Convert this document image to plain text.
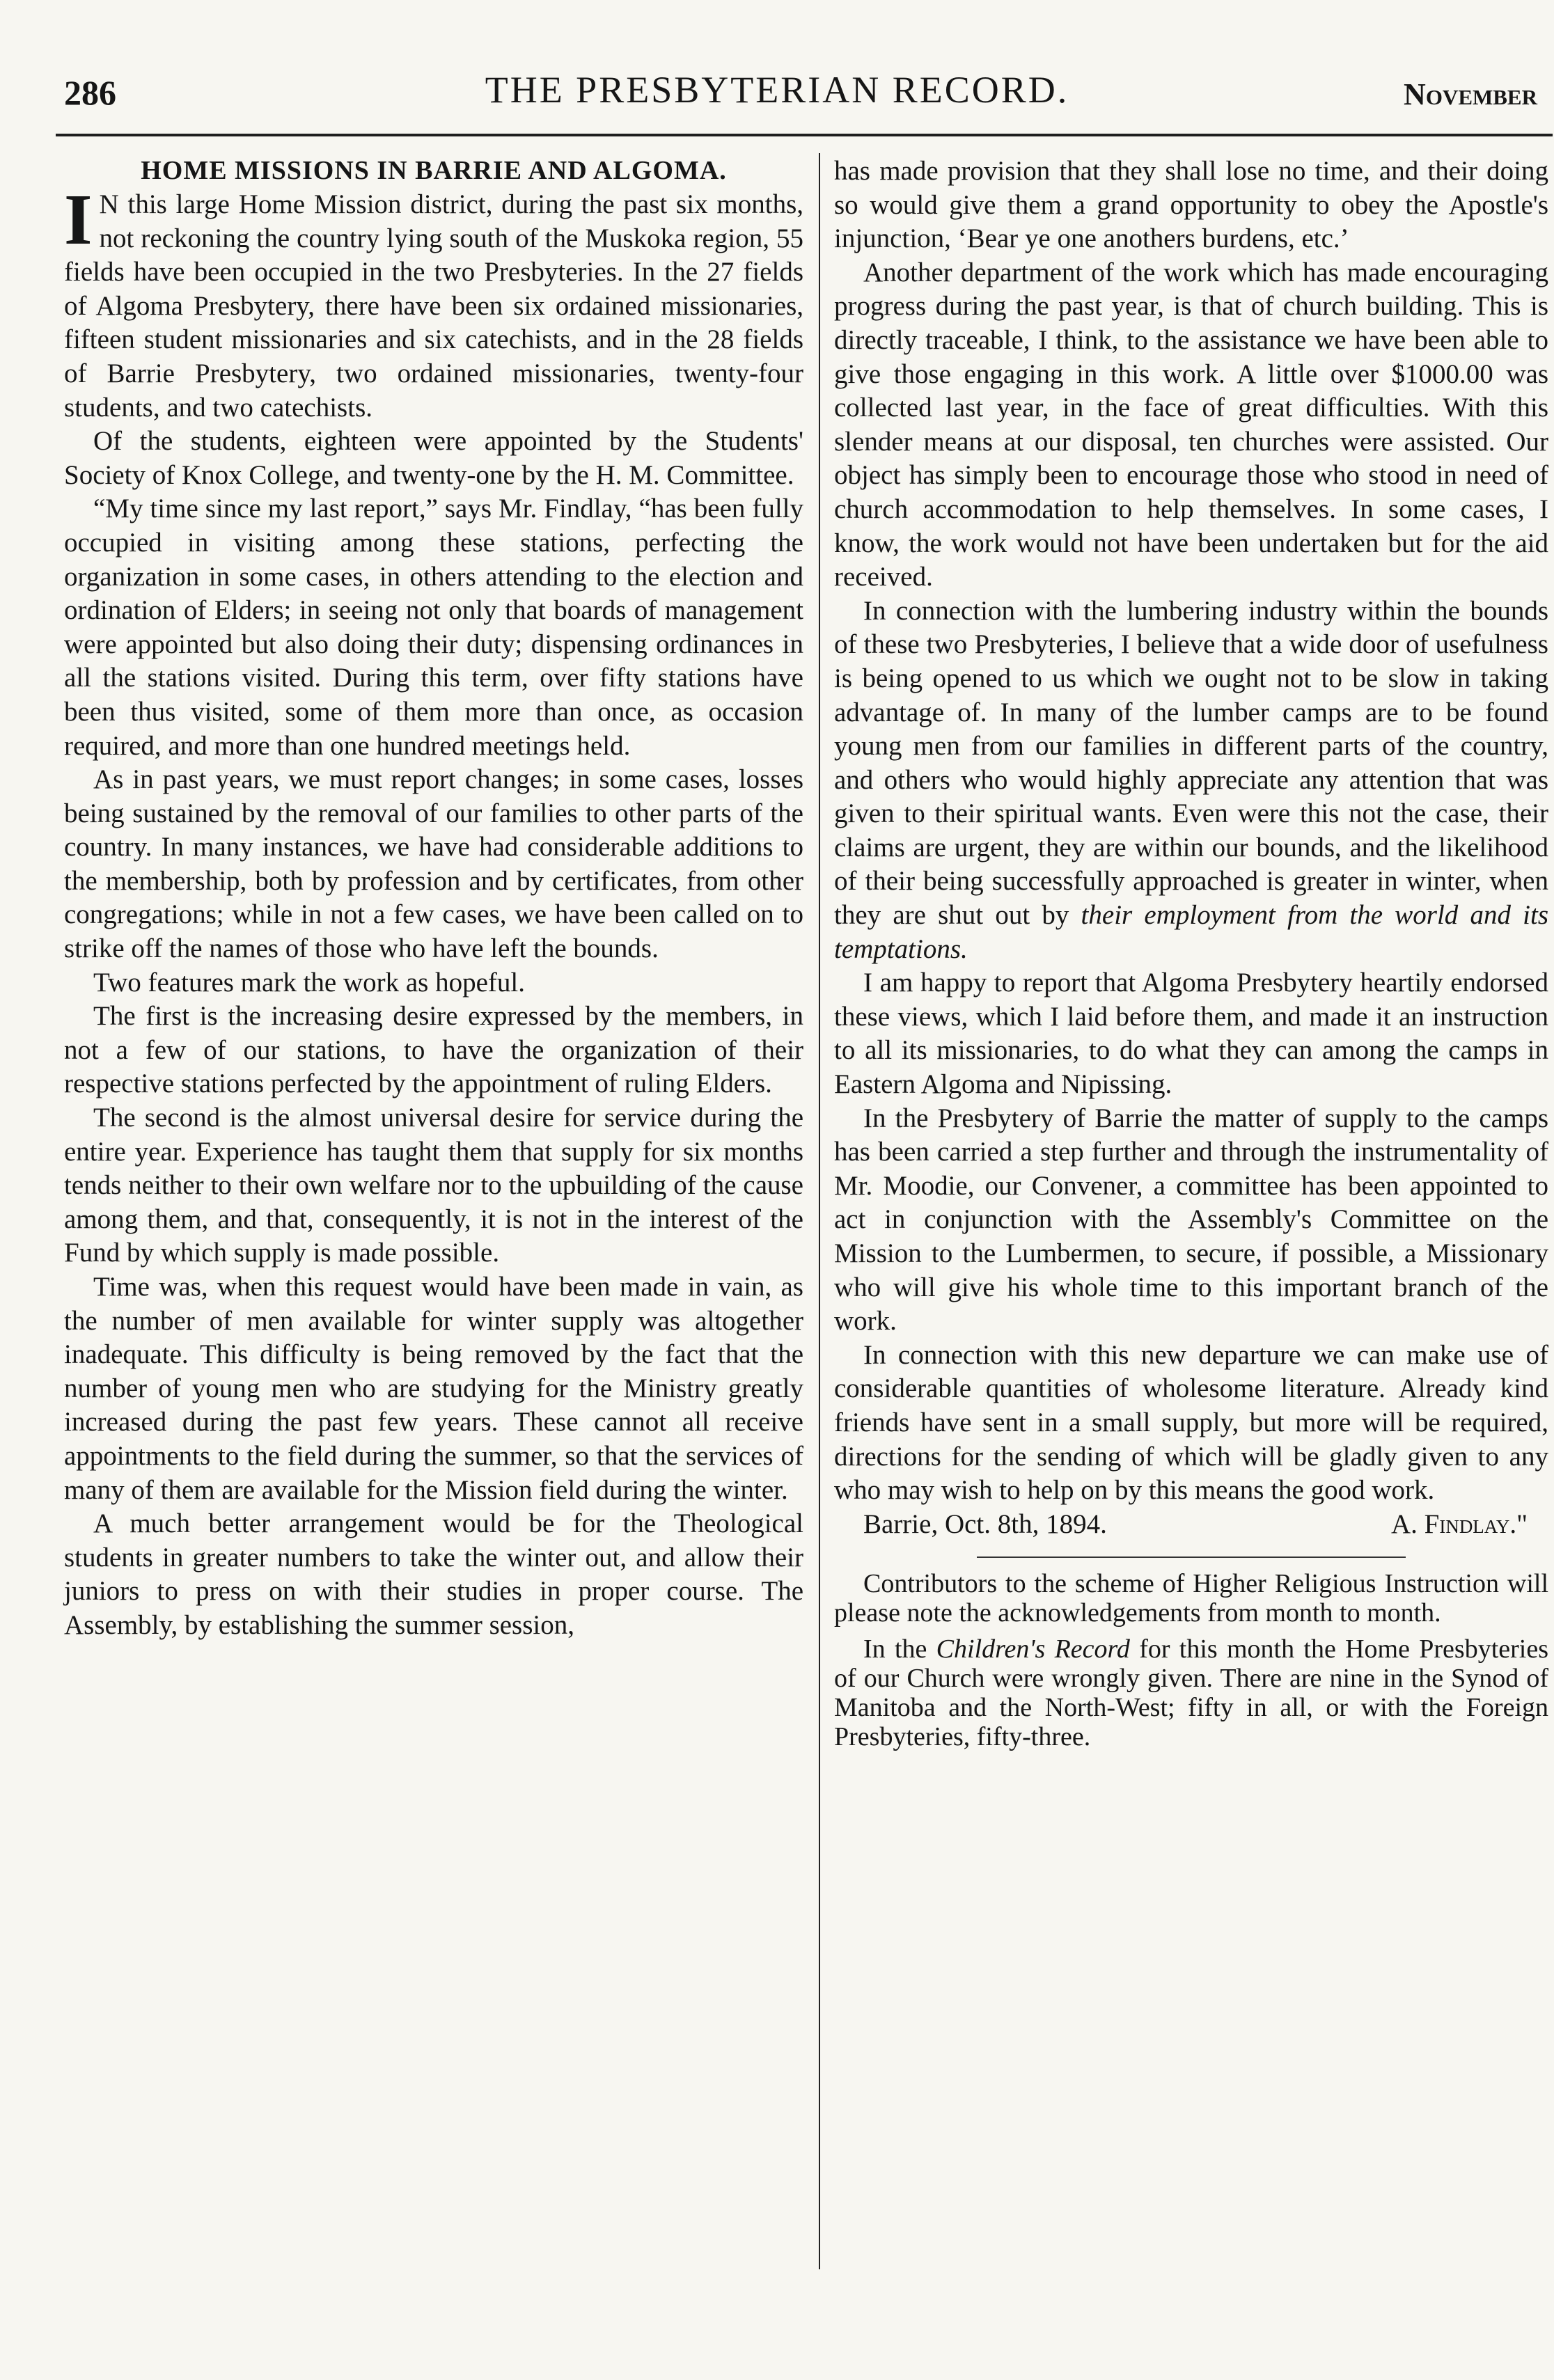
286	THE PRESBYTERIAN RECORD.	November
HOME MISSIONS IN BARRIE AND ALGOMA.

I N this large Home Mission district, during the past six months, not reckoning the country lying south of the Muskoka region, 55 fields have been occupied in the two Presbyteries. In the 27 fields of Algoma Presbytery, there have been six ordained missionaries, fifteen student missionaries and six catechists, and in the 28 fields of Barrie Presbytery, two ordained missionaries, twenty-four students, and two catechists.

Of the students, eighteen were appointed by the Students' Society of Knox College, and twenty-one by the H. M. Committee.

“My time since my last report,” says Mr. Findlay, “has been fully occupied in visiting among these stations, perfecting the organization in some cases, in others attending to the election and ordination of Elders; in seeing not only that boards of management were appointed but also doing their duty; dispensing ordinances in all the stations visited. During this term, over fifty stations have been thus visited, some of them more than once, as occasion required, and more than one hundred meetings held.

As in past years, we must report changes; in some cases, losses being sustained by the removal of our families to other parts of the country. In many instances, we have had considerable additions to the membership, both by profession and by certificates, from other congregations; while in not a few cases, we have been called on to strike off the names of those who have left the bounds.

Two features mark the work as hopeful.

The first is the increasing desire expressed by the members, in not a few of our stations, to have the organization of their respective stations perfected by the appointment of ruling Elders.

The second is the almost universal desire for service during the entire year. Experience has taught them that supply for six months tends neither to their own welfare nor to the upbuilding of the cause among them, and that, consequently, it is not in the interest of the Fund by which supply is made possible.

Time was, when this request would have been made in vain, as the number of men available for winter supply was altogether inadequate. This difficulty is being removed by the fact that the number of young men who are studying for the Ministry greatly increased during the past few years. These cannot all receive appointments to the field during the summer, so that the services of many of them are available for the Mission field during the winter.

A much better arrangement would be for the Theological students in greater numbers to take the winter out, and allow their juniors to press on with their studies in proper course. The Assembly, by establishing the summer session,

has made provision that they shall lose no time, and their doing so would give them a grand opportunity to obey the Apostle's injunction, ‘Bear ye one anothers burdens, etc.’

Another department of the work which has made encouraging progress during the past year, is that of church building. This is directly traceable, I think, to the assistance we have been able to give those engaging in this work. A little over $1000.00 was collected last year, in the face of great difficulties. With this slender means at our disposal, ten churches were assisted. Our object has simply been to encourage those who stood in need of church accommodation to help themselves. In some cases, I know, the work would not have been undertaken but for the aid received.

In connection with the lumbering industry within the bounds of these two Presbyteries, I believe that a wide door of usefulness is being opened to us which we ought not to be slow in taking advantage of. In many of the lumber camps are to be found young men from our families in different parts of the country, and others who would highly appreciate any attention that was given to their spiritual wants. Even were this not the case, their claims are urgent, they are within our bounds, and the likelihood of their being successfully approached is greater in winter, when they are shut out by their employment from the world and its temptations.

I am happy to report that Algoma Presbytery heartily endorsed these views, which I laid before them, and made it an instruction to all its missionaries, to do what they can among the camps in Eastern Algoma and Nipissing.

In the Presbytery of Barrie the matter of supply to the camps has been carried a step further and through the instrumentality of Mr. Moodie, our Convener, a committee has been appointed to act in conjunction with the Assembly's Committee on the Mission to the Lumbermen, to secure, if possible, a Missionary who will give his whole time to this important branch of the work.

In connection with this new departure we can make use of considerable quantities of wholesome literature. Already kind friends have sent in a small supply, but more will be required, directions for the sending of which will be gladly given to any who may wish to help on by this means the good work.

Barrie, Oct. 8th, 1894.	A. Findlay."

Contributors to the scheme of Higher Religious Instruction will please note the acknowledgements from month to month.

In the Children's Record for this month the Home Presbyteries of our Church were wrongly given. There are nine in the Synod of Manitoba and the North-West; fifty in all, or with the Foreign Presbyteries, fifty-three.
